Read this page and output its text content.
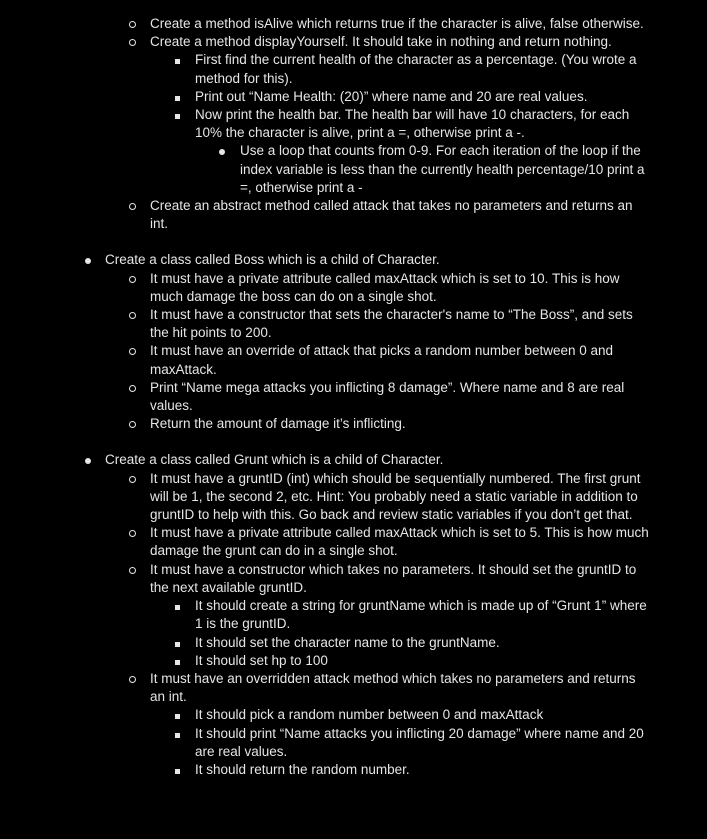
Create a method isAlive which returns true if the character is alive, false otherwise.
Create a method displayYourself. It should take in nothing and return nothing.
First find the current health of the character as a percentage. (You wrote a method for this).
Print out “Name Health: (20)” where name and 20 are real values.
Now print the health bar. The health bar will have 10 characters, for each 10% the character is alive, print a =, otherwise print a -.
Use a loop that counts from 0-9. For each iteration of the loop if the index variable is less than the currently health percentage/10 print a =, otherwise print a -
Create an abstract method called attack that takes no parameters and returns an int.
Create a class called Boss which is a child of Character.
It must have a private attribute called maxAttack which is set to 10. This is how much damage the boss can do on a single shot.
It must have a constructor that sets the character's name to “The Boss”, and sets the hit points to 200.
It must have an override of attack that picks a random number between 0 and maxAttack.
Print “Name mega attacks you inflicting 8 damage”. Where name and 8 are real values.
Return the amount of damage it’s inflicting.
Create a class called Grunt which is a child of Character.
It must have a gruntID (int) which should be sequentially numbered. The first grunt will be 1, the second 2, etc. Hint: You probably need a static variable in addition to gruntID to help with this. Go back and review static variables if you don’t get that.
It must have a private attribute called maxAttack which is set to 5. This is how much damage the grunt can do in a single shot.
It must have a constructor which takes no parameters. It should set the gruntID to the next available gruntID.
It should create a string for gruntName which is made up of “Grunt 1” where 1 is the gruntID.
It should set the character name to the gruntName.
It should set hp to 100
It must have an overridden attack method which takes no parameters and returns an int.
It should pick a random number between 0 and maxAttack
It should print “Name attacks you inflicting 20 damage” where name and 20 are real values.
It should return the random number.
